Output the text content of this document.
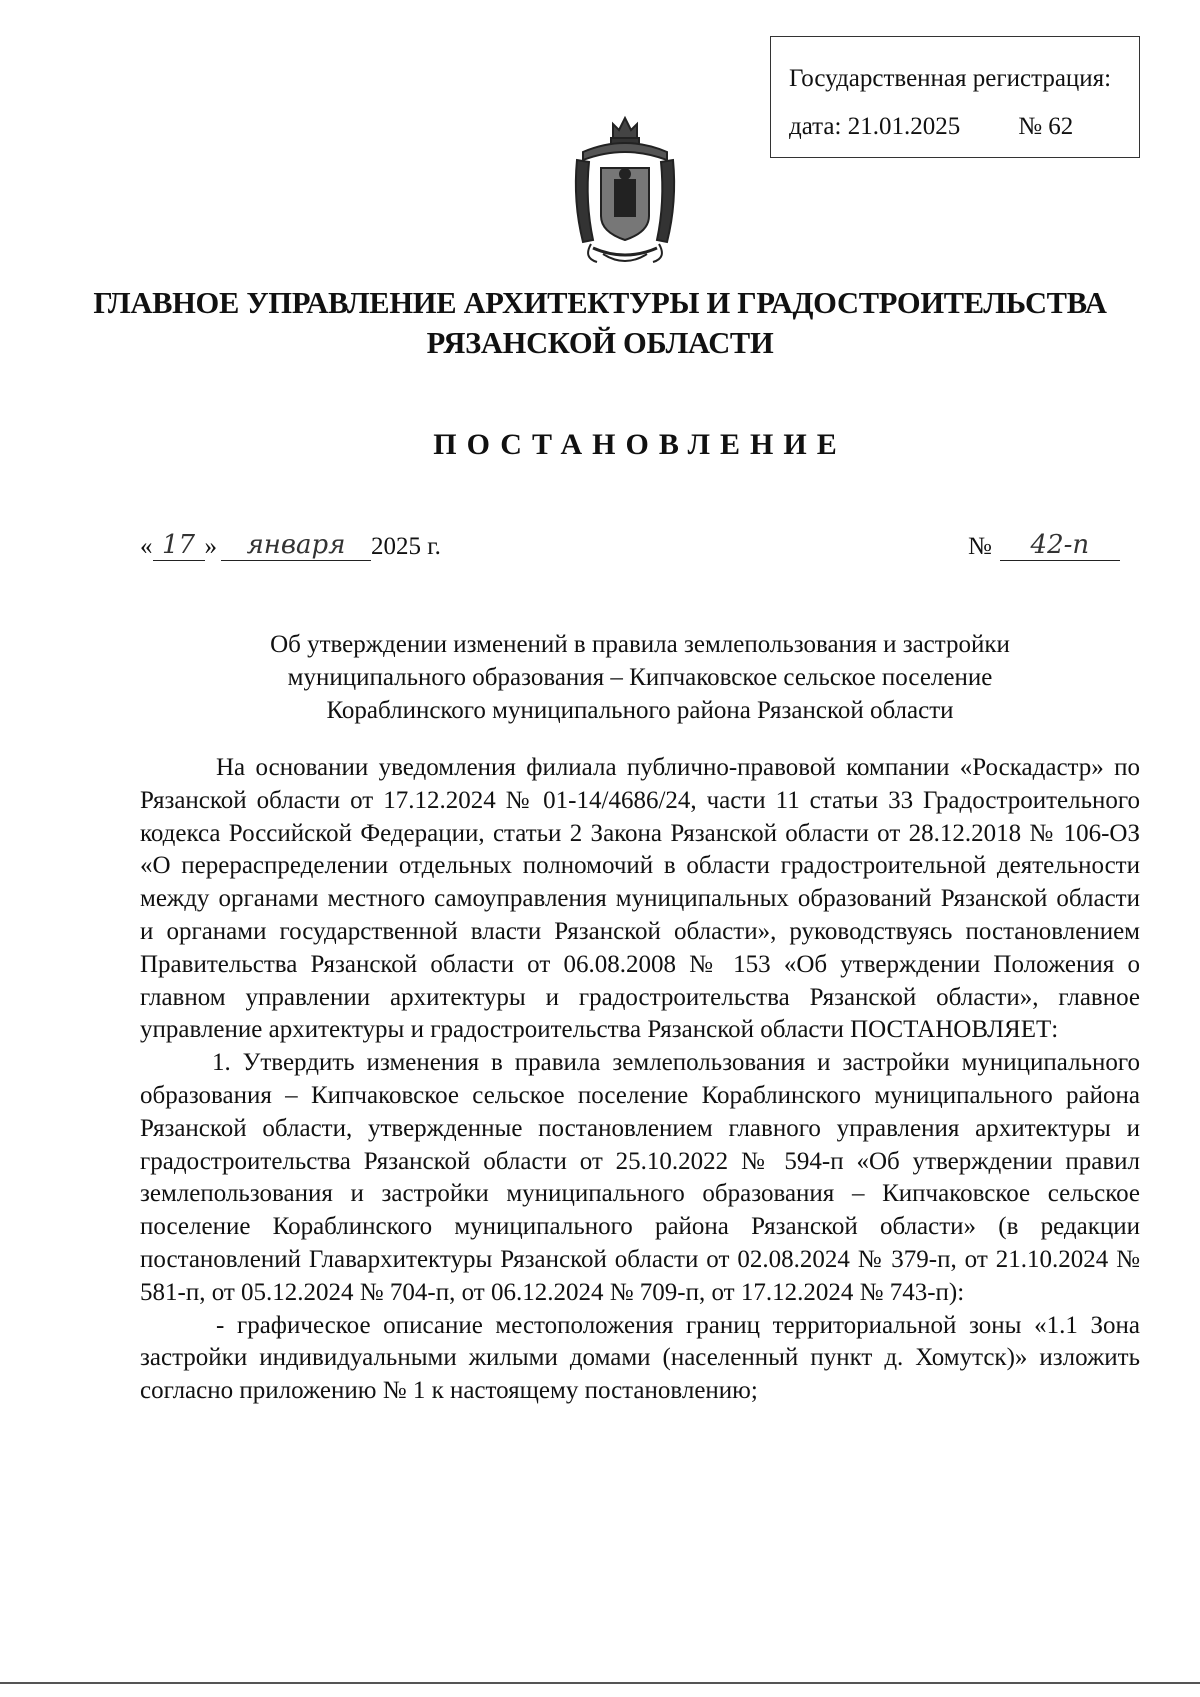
Государственная регистрация:
дата: 21.01.2025 № 62
ГЛАВНОЕ УПРАВЛЕНИЕ АРХИТЕКТУРЫ И ГРАДОСТРОИТЕЛЬСТВА
РЯЗАНСКОЙ ОБЛАСТИ
ПОСТАНОВЛЕНИЕ
« 17 »	января	2025 г.	№	42-п
Об утверждении изменений в правила землепользования и застройки
муниципального образования – Кипчаковское сельское поселение
Кораблинского муниципального района Рязанской области

На основании уведомления филиала публично-правовой компании «Роскадастр» по Рязанской области от 17.12.2024 № 01-14/4686/24, части 11 статьи 33 Градостроительного кодекса Российской Федерации, статьи 2 Закона Рязанской области от 28.12.2018 № 106-ОЗ «О перераспределении отдельных полномочий в области градостроительной деятельности между органами местного самоуправления муниципальных образований Рязанской области и органами государственной власти Рязанской области», руководствуясь постановлением Правительства Рязанской области от 06.08.2008 № 153 «Об утверждении Положения о главном управлении архитектуры и градостроительства Рязанской области», главное управление архитектуры и градостроительства Рязанской области ПОСТАНОВЛЯЕТ:

1. Утвердить изменения в правила землепользования и застройки муниципального образования – Кипчаковское сельское поселение Кораблинского муниципального района Рязанской области, утвержденные постановлением главного управления архитектуры и градостроительства Рязанской области от 25.10.2022 № 594-п «Об утверждении правил землепользования и застройки муниципального образования – Кипчаковское сельское поселение Кораблинского муниципального района Рязанской области» (в редакции постановлений Главархитектуры Рязанской области от 02.08.2024 № 379-п, от 21.10.2024 № 581-п, от 05.12.2024 № 704-п, от 06.12.2024 № 709-п, от 17.12.2024 № 743-п):

- графическое описание местоположения границ территориальной зоны «1.1 Зона застройки индивидуальными жилыми домами (населенный пункт д. Хомутск)» изложить согласно приложению № 1 к настоящему постановлению;
